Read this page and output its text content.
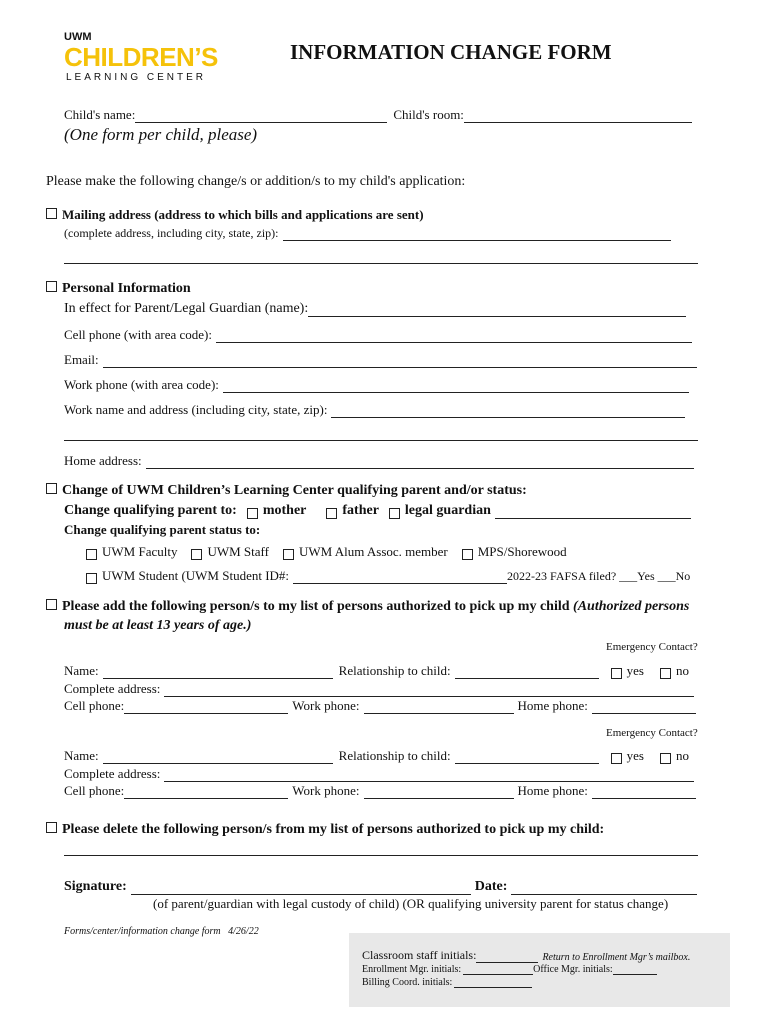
UWM
CHILDREN’S
LEARNING CENTER
INFORMATION CHANGE FORM
Child's name:	Child's room:
(One form per child, please)
Please make the following change/s or addition/s to my child's application:
Mailing address (address to which bills and applications are sent)
(complete address, including city, state, zip):
Personal Information
In effect for Parent/Legal Guardian (name):
Cell phone (with area code):
Email:
Work phone (with area code):
Work name and address (including city, state, zip):
Home address:
Change of UWM Children’s Learning Center qualifying parent and/or status:
Change qualifying parent to: mother	father legal guardian
Change qualifying parent status to:
UWM Faculty UWM Staff UWM Alum Assoc. member MPS/Shorewood
UWM Student (UWM Student ID#:	2022-23 FAFSA filed? ___Yes ___No
Please add the following person/s to my list of persons authorized to pick up my child (Authorized persons
must be at least 13 years of age.)
Emergency Contact?
Name:	Relationship to child:	yes no
Complete address:
Cell phone:	Work phone:	Home phone:
Emergency Contact?
Name:	Relationship to child:	yes no
Complete address:
Cell phone:	Work phone:	Home phone:
Please delete the following person/s from my list of persons authorized to pick up my child:
Signature:	Date:
(of parent/guardian with legal custody of child) (OR qualifying university parent for status change)
Forms/center/information change form   4/26/22
Classroom staff initials:	Return to Enrollment Mgr’s mailbox.
Enrollment Mgr. initials:	Office Mgr. initials:
Billing Coord. initials:
